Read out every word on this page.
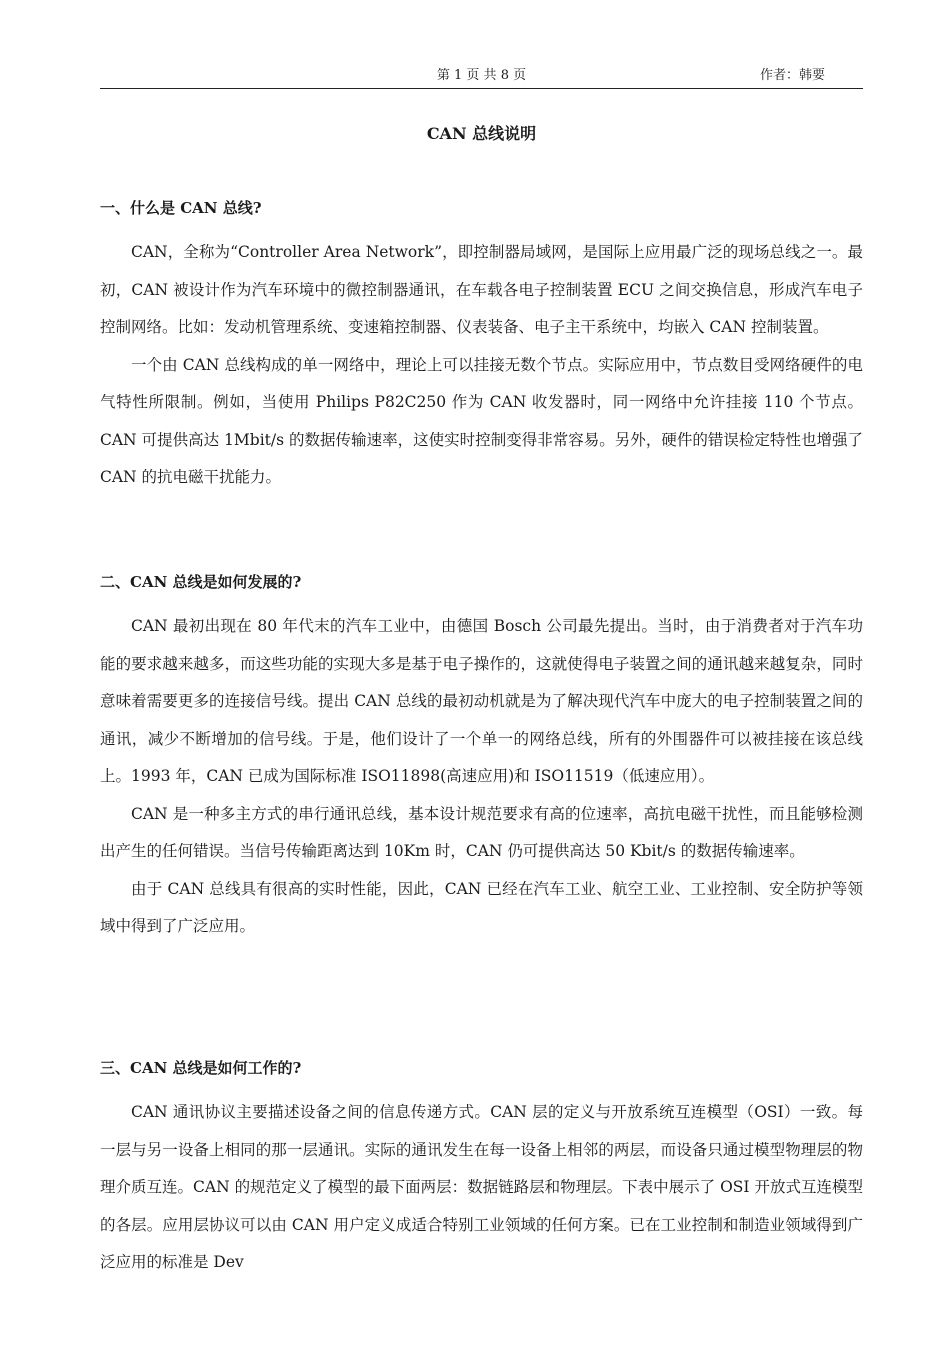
第 1 页 共 8 页	作者：韩要
CAN 总线说明

一、什么是 CAN 总线?

CAN，全称为“Controller Area Network”，即控制器局域网，是国际上应用最广泛的现场总线之一。最初，CAN 被设计作为汽车环境中的微控制器通讯，在车载各电子控制装置 ECU 之间交换信息，形成汽车电子控制网络。比如：发动机管理系统、变速箱控制器、仪表装备、电子主干系统中，均嵌入 CAN 控制装置。

一个由 CAN 总线构成的单一网络中，理论上可以挂接无数个节点。实际应用中，节点数目受网络硬件的电气特性所限制。例如，当使用 Philips P82C250 作为 CAN 收发器时，同一网络中允许挂接 110 个节点。CAN 可提供高达 1Mbit/s 的数据传输速率，这使实时控制变得非常容易。另外，硬件的错误检定特性也增强了 CAN 的抗电磁干扰能力。

二、CAN 总线是如何发展的?

CAN 最初出现在 80 年代末的汽车工业中，由德国 Bosch 公司最先提出。当时，由于消费者对于汽车功能的要求越来越多，而这些功能的实现大多是基于电子操作的，这就使得电子装置之间的通讯越来越复杂，同时意味着需要更多的连接信号线。提出 CAN 总线的最初动机就是为了解决现代汽车中庞大的电子控制装置之间的通讯，减少不断增加的信号线。于是，他们设计了一个单一的网络总线，所有的外围器件可以被挂接在该总线上。1993 年，CAN 已成为国际标准 ISO11898(高速应用)和 ISO11519（低速应用）。

CAN 是一种多主方式的串行通讯总线，基本设计规范要求有高的位速率，高抗电磁干扰性，而且能够检测出产生的任何错误。当信号传输距离达到 10Km 时，CAN 仍可提供高达 50 Kbit/s 的数据传输速率。

由于 CAN 总线具有很高的实时性能，因此，CAN 已经在汽车工业、航空工业、工业控制、安全防护等领域中得到了广泛应用。

三、CAN 总线是如何工作的?

CAN 通讯协议主要描述设备之间的信息传递方式。CAN 层的定义与开放系统互连模型（OSI）一致。每一层与另一设备上相同的那一层通讯。实际的通讯发生在每一设备上相邻的两层，而设备只通过模型物理层的物理介质互连。CAN 的规范定义了模型的最下面两层：数据链路层和物理层。下表中展示了 OSI 开放式互连模型的各层。应用层协议可以由 CAN 用户定义成适合特别工业领域的任何方案。已在工业控制和制造业领域得到广泛应用的标准是 Dev
